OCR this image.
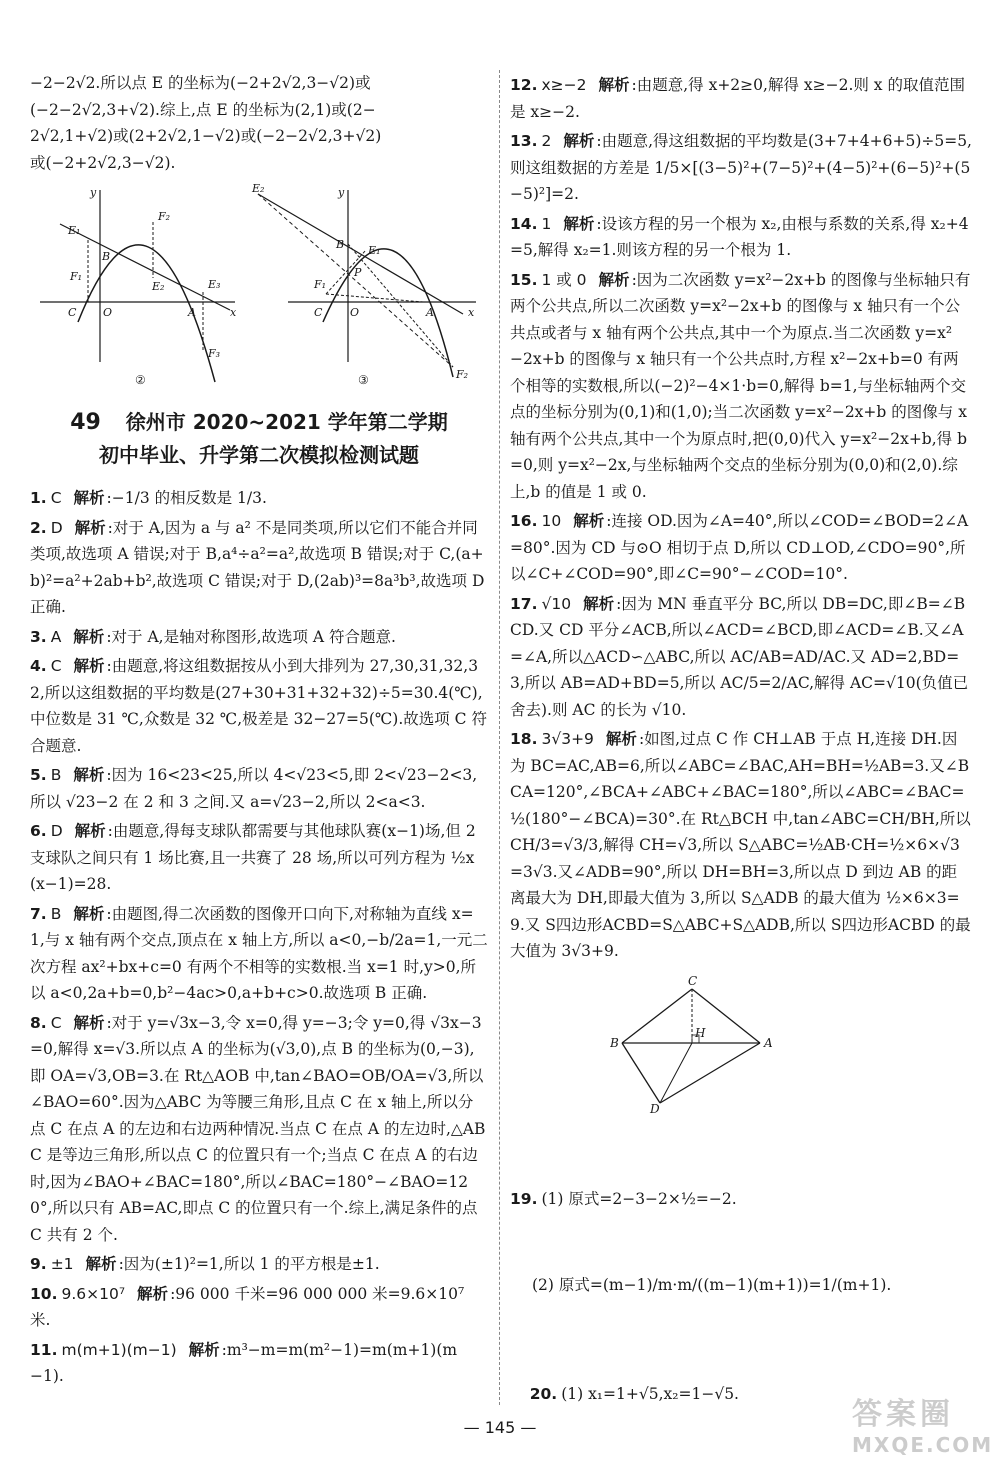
−2−2√2.所以点 E 的坐标为(−2+2√2,3−√2)或
(−2−2√2,3+√2).综上,点 E 的坐标为(2,1)或(2−
2√2,1+√2)或(2+2√2,1−√2)或(−2−2√2,3+√2)
或(−2+2√2,3−√2).
y
E₁
F₂
B
F₁
E₂
C O	A
E₃
x
F₃
②
E₂	y
B E₁
P
F₁
C	O	A	x
F₂
③
49 徐州市 2020~2021 学年第二学期
初中毕业、升学第二次模拟检测试题
1. C 解析 :−1/3 的相反数是 1/3.
2. D 解析 :对于 A,因为 a 与 a² 不是同类项,所以它们不能合并同类项,故选项 A 错误;对于 B,a⁴÷a²=a²,故选项 B 错误;对于 C,(a+b)²=a²+2ab+b²,故选项 C 错误;对于 D,(2ab)³=8a³b³,故选项 D 正确.
3. A 解析 :对于 A,是轴对称图形,故选项 A 符合题意.
4. C 解析 :由题意,将这组数据按从小到大排列为 27,30,31,32,32,所以这组数据的平均数是(27+30+31+32+32)÷5=30.4(℃),中位数是 31 ℃,众数是 32 ℃,极差是 32−27=5(℃).故选项 C 符合题意.
5. B 解析 :因为 16<23<25,所以 4<√23<5,即 2<√23−2<3,所以 √23−2 在 2 和 3 之间.又 a=√23−2,所以 2<a<3.
6. D 解析 :由题意,得每支球队都需要与其他球队赛(x−1)场,但 2 支球队之间只有 1 场比赛,且一共赛了 28 场,所以可列方程为 ½x(x−1)=28.
7. B 解析 :由题图,得二次函数的图像开口向下,对称轴为直线 x=1,与 x 轴有两个交点,顶点在 x 轴上方,所以 a<0,−b/2a=1,一元二次方程 ax²+bx+c=0 有两个不相等的实数根.当 x=1 时,y>0,所以 a<0,2a+b=0,b²−4ac>0,a+b+c>0.故选项 B 正确.
8. C 解析 :对于 y=√3x−3,令 x=0,得 y=−3;令 y=0,得 √3x−3=0,解得 x=√3.所以点 A 的坐标为(√3,0),点 B 的坐标为(0,−3),即 OA=√3,OB=3.在 Rt△AOB 中,tan∠BAO=OB/OA=√3,所以∠BAO=60°.因为△ABC 为等腰三角形,且点 C 在 x 轴上,所以分点 C 在点 A 的左边和右边两种情况.当点 C 在点 A 的左边时,△ABC 是等边三角形,所以点 C 的位置只有一个;当点 C 在点 A 的右边时,因为∠BAO+∠BAC=180°,所以∠BAC=180°−∠BAO=120°,所以只有 AB=AC,即点 C 的位置只有一个.综上,满足条件的点 C 共有 2 个.
9. ±1 解析 :因为(±1)²=1,所以 1 的平方根是±1.
10. 9.6×10⁷ 解析 :96 000 千米=96 000 000 米=9.6×10⁷ 米.
11. m(m+1)(m−1) 解析 :m³−m=m(m²−1)=m(m+1)(m−1).
12. x≥−2 解析 :由题意,得 x+2≥0,解得 x≥−2.则 x 的取值范围是 x≥−2.
13. 2 解析 :由题意,得这组数据的平均数是(3+7+4+6+5)÷5=5,则这组数据的方差是 1/5×[(3−5)²+(7−5)²+(4−5)²+(6−5)²+(5−5)²]=2.
14. 1 解析 :设该方程的另一个根为 x₂,由根与系数的关系,得 x₂+4=5,解得 x₂=1.则该方程的另一个根为 1.
15. 1 或 0 解析 :因为二次函数 y=x²−2x+b 的图像与坐标轴只有两个公共点,所以二次函数 y=x²−2x+b 的图像与 x 轴只有一个公共点或者与 x 轴有两个公共点,其中一个为原点.当二次函数 y=x²−2x+b 的图像与 x 轴只有一个公共点时,方程 x²−2x+b=0 有两个相等的实数根,所以(−2)²−4×1·b=0,解得 b=1,与坐标轴两个交点的坐标分别为(0,1)和(1,0);当二次函数 y=x²−2x+b 的图像与 x 轴有两个公共点,其中一个为原点时,把(0,0)代入 y=x²−2x+b,得 b=0,则 y=x²−2x,与坐标轴两个交点的坐标分别为(0,0)和(2,0).综上,b 的值是 1 或 0.
16. 10 解析 :连接 OD.因为∠A=40°,所以∠COD=∠BOD=2∠A=80°.因为 CD 与⊙O 相切于点 D,所以 CD⊥OD,∠CDO=90°,所以∠C+∠COD=90°,即∠C=90°−∠COD=10°.
17. √10 解析 :因为 MN 垂直平分 BC,所以 DB=DC,即∠B=∠BCD.又 CD 平分∠ACB,所以∠ACD=∠BCD,即∠ACD=∠B.又∠A=∠A,所以△ACD∽△ABC,所以 AC/AB=AD/AC.又 AD=2,BD=3,所以 AB=AD+BD=5,所以 AC/5=2/AC,解得 AC=√10(负值已舍去).则 AC 的长为 √10.
18. 3√3+9 解析 :如图,过点 C 作 CH⊥AB 于点 H,连接 DH.因为 BC=AC,AB=6,所以∠ABC=∠BAC,AH=BH=½AB=3.又∠BCA=120°,∠BCA+∠ABC+∠BAC=180°,所以∠ABC=∠BAC=½(180°−∠BCA)=30°.在 Rt△BCH 中,tan∠ABC=CH/BH,所以 CH/3=√3/3,解得 CH=√3,所以 S△ABC=½AB·CH=½×6×√3=3√3.又∠ADB=90°,所以 DH=BH=3,所以点 D 到边 AB 的距离最大为 DH,即最大值为 3,所以 S△ADB 的最大值为 ½×6×3=9.又 S四边形ACBD=S△ABC+S△ADB,所以 S四边形ACBD 的最大值为 3√3+9.
C
B
H
A
D

19. (1) 原式=2−3−2×½=−2.

(2) 原式=(m−1)/m·m/((m−1)(m+1))=1/(m+1).

20. (1) x₁=1+√5,x₂=1−√5.

— 145 —	答案圈
MXQE.COM
